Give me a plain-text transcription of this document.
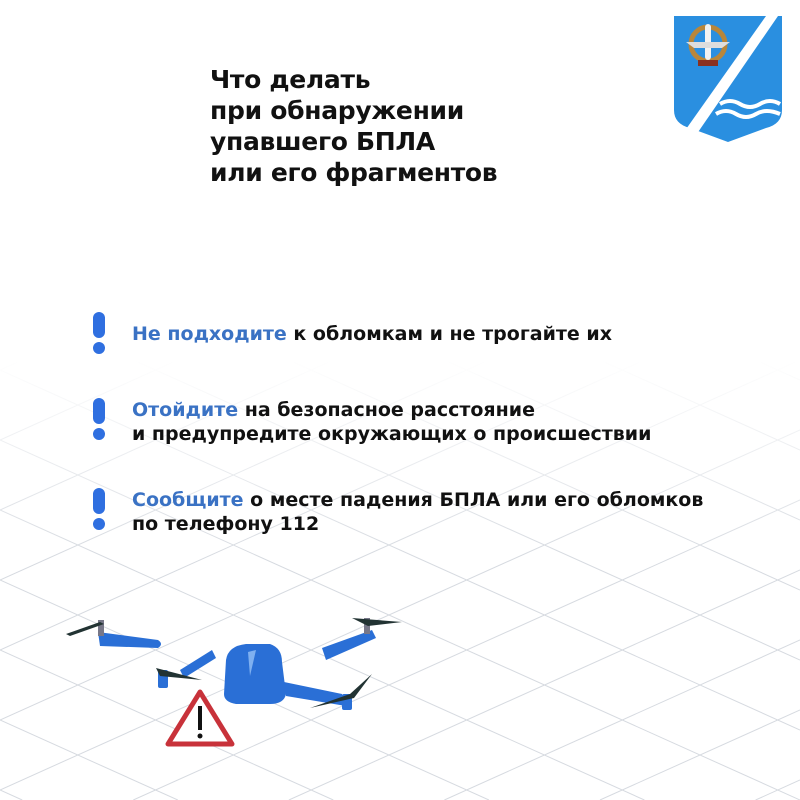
Что делать
при обнаружении
упавшего БПЛА
или его фрагментов
Не подходите к обломкам и не трогайте их
Отойдите на безопасное расстояние
и предупредите окружающих о происшествии
Сообщите о месте падения БПЛА или его обломков
по телефону 112
